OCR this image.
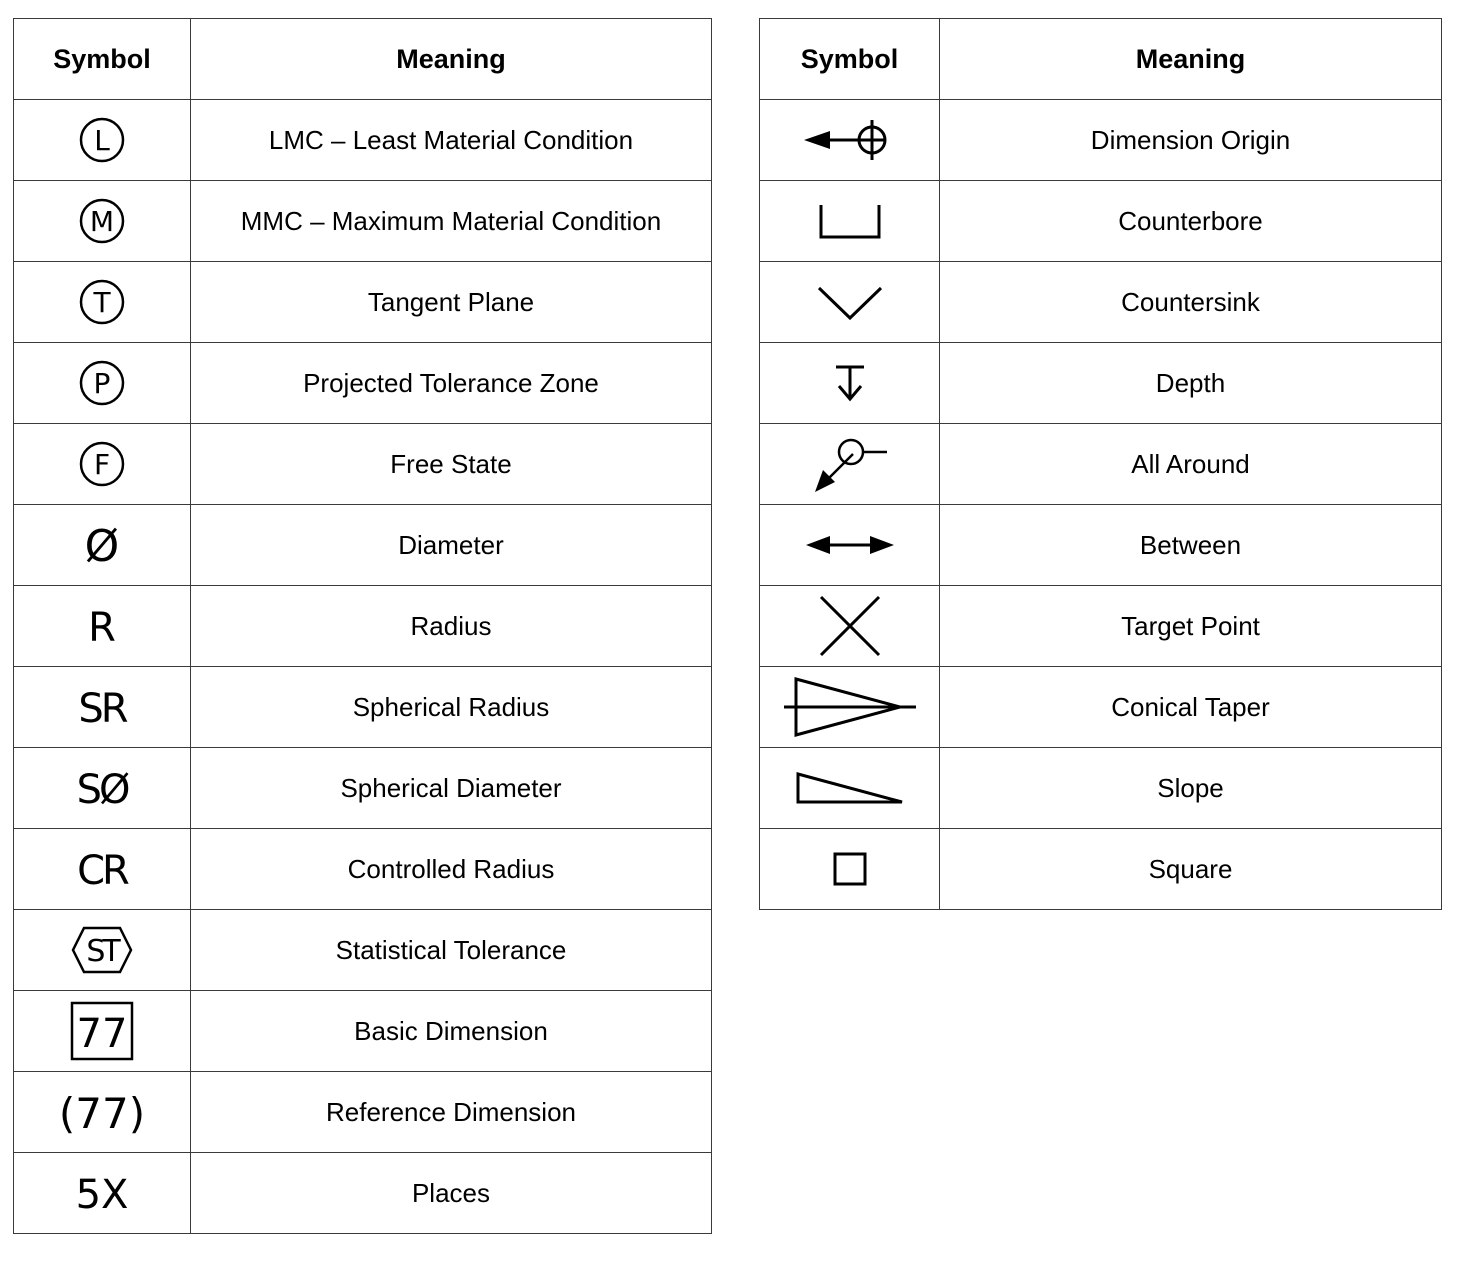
Symbol	Meaning

L	LMC – Least Material Condition

M	MMC – Maximum Material Condition

T	Tangent Plane

P	Projected Tolerance Zone

F	Free State

Ø	Diameter

R	Radius

SR	Spherical Radius

SØ	Spherical Diameter

CR	Controlled Radius

ST	Statistical Tolerance

77	Basic Dimension

(77)	Reference Dimension

5X	Places
Symbol	Meaning
	Dimension Origin
	Counterbore
	Countersink
	Depth
	All Around
	Between
	Target Point
	Conical Taper
	Slope
	Square
